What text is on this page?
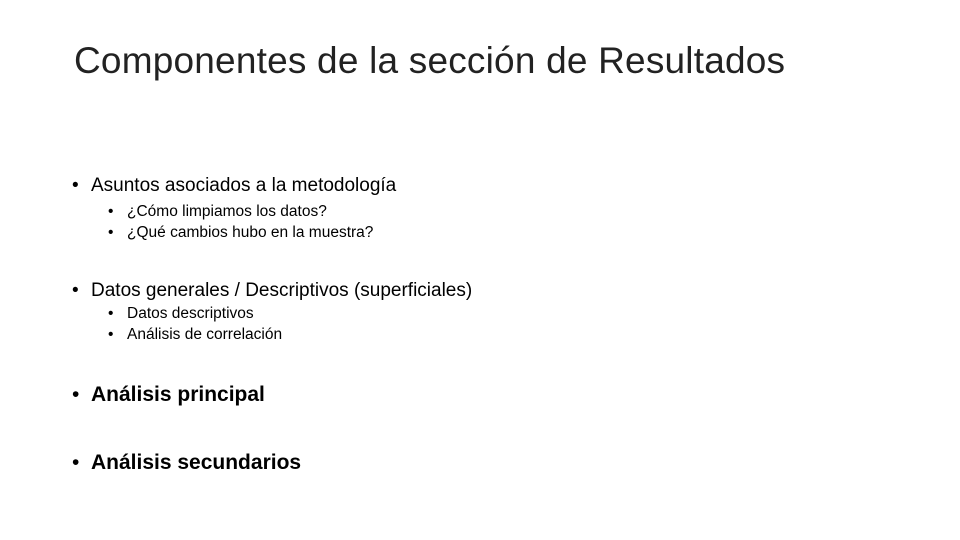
Componentes de la sección de Resultados
• Asuntos asociados a la metodología
• ¿Cómo limpiamos los datos?
• ¿Qué cambios hubo en la muestra?
• Datos generales / Descriptivos (superficiales)
• Datos descriptivos
• Análisis de correlación
• Análisis principal
• Análisis secundarios
